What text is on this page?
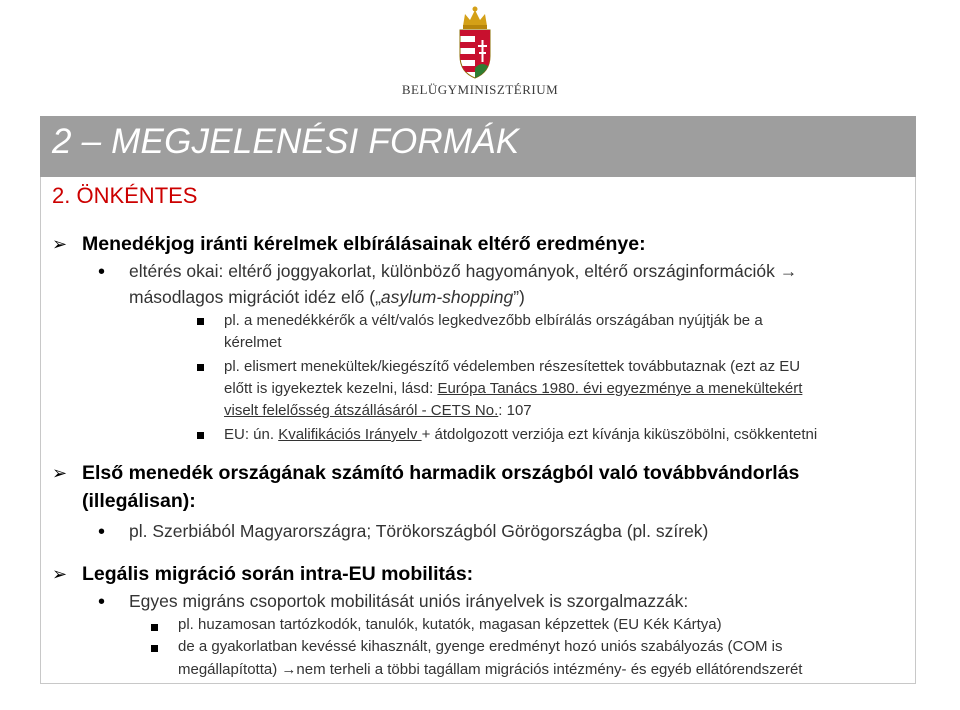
BELÜGYMINISZTÉRIUM
2 – MEGJELENÉSI FORMÁK
2. ÖNKÉNTES
➢ Menedékjog iránti kérelmek elbírálásainak eltérő eredménye:
• eltérés okai: eltérő joggyakorlat, különböző hagyományok, eltérő országinformációk →
másodlagos migrációt idéz elő („asylum-shopping”)
pl. a menedékkérők a vélt/valós legkedvezőbb elbírálás országában nyújtják be a
kérelmet
pl. elismert menekültek/kiegészítő védelemben részesítettek továbbutaznak (ezt az EU
előtt is igyekeztek kezelni, lásd: Európa Tanács 1980. évi egyezménye a menekültekért
viselt felelősség átszállásáról - CETS No.: 107
EU: ún. Kvalifikációs Irányelv + átdolgozott verziója ezt kívánja kiküszöbölni, csökkentetni
➢ Első menedék országának számító harmadik országból való továbbvándorlás
(illegálisan):
• pl. Szerbiából Magyarországra; Törökországból Görögországba (pl. szírek)
➢ Legális migráció során intra-EU mobilitás:
• Egyes migráns csoportok mobilitását uniós irányelvek is szorgalmazzák:
pl. huzamosan tartózkodók, tanulók, kutatók, magasan képzettek (EU Kék Kártya)
de a gyakorlatban kevéssé kihasznált, gyenge eredményt hozó uniós szabályozás (COM is
megállapította) →nem terheli a többi tagállam migrációs intézmény- és egyéb ellátórendszerét
